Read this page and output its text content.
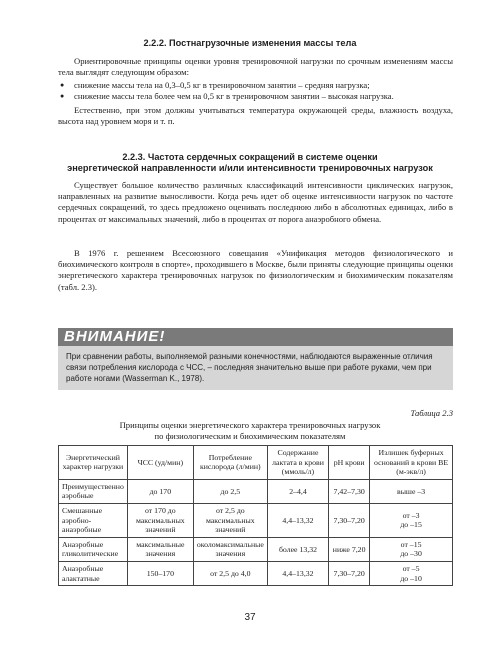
2.2.2. Постнагрузочные изменения массы тела
Ориентировочные принципы оценки уровня тренировочной нагрузки по срочным изменениям массы тела выглядят следующим образом:
● снижение массы тела на 0,3–0,5 кг в тренировочном занятии – средняя нагрузка;
● снижение массы тела более чем на 0,5 кг в тренировочном занятии – высокая нагрузка.
Естественно, при этом должны учитываться температура окружающей среды, влажность воздуха, высота над уровнем моря и т. п.
2.2.3. Частота сердечных сокращений в системе оценки
энергетической направленности и/или интенсивности тренировочных нагрузок
Существует большое количество различных классификаций интенсивности циклических нагрузок, направленных на развитие выносливости. Когда речь идет об оценке интенсивности нагрузок по частоте сердечных сокращений, то здесь предложено оценивать последнюю либо в абсолютных единицах, либо в процентах от максимальных значений, либо в процентах от порога анаэробного обмена.
В 1976 г. решением Всесоюзного совещания «Унификация методов физиологического и биохимического контроля в спорте», проходившего в Москве, были приняты следующие принципы оценки энергетического характера тренировочных нагрузок по физиологическим и биохимическим показателям (табл. 2.3).
ВНИМАНИЕ!
При сравнении работы, выполняемой разными конечностями, наблюдаются выраженные отличия связи потребления кислорода с ЧСС, – последняя значительно выше при работе руками, чем при работе ногами (Wasserman K., 1978).
Таблица 2.3
Принципы оценки энергетического характера тренировочных нагрузок
по физиологическим и биохимическим показателям
Энергетический характер нагрузки	ЧСС (уд/мин)	Потребление кислорода (л/мин)	Содержание лактата в крови (ммоль/л)	pH крови	Излишек буферных оснований в крови BE (м-экв/л)
Преимущественно аэробные	до 170	до 2,5	2–4,4	7,42–7,30	выше –3

Смешанные аэробно-анаэробные	от 170 до максимальных значений	от 2,5 до максимальных значений	4,4–13,32	7,30–7,20	от –3
до –15

Анаэробные гликолитические	максимальные значения	околомаксимальные значения	более 13,32	ниже 7,20	от –15
до –30

Анаэробные алактатные	150–170	от 2,5 до 4,0	4,4–13,32	7,30–7,20	от –5
до –10
37
